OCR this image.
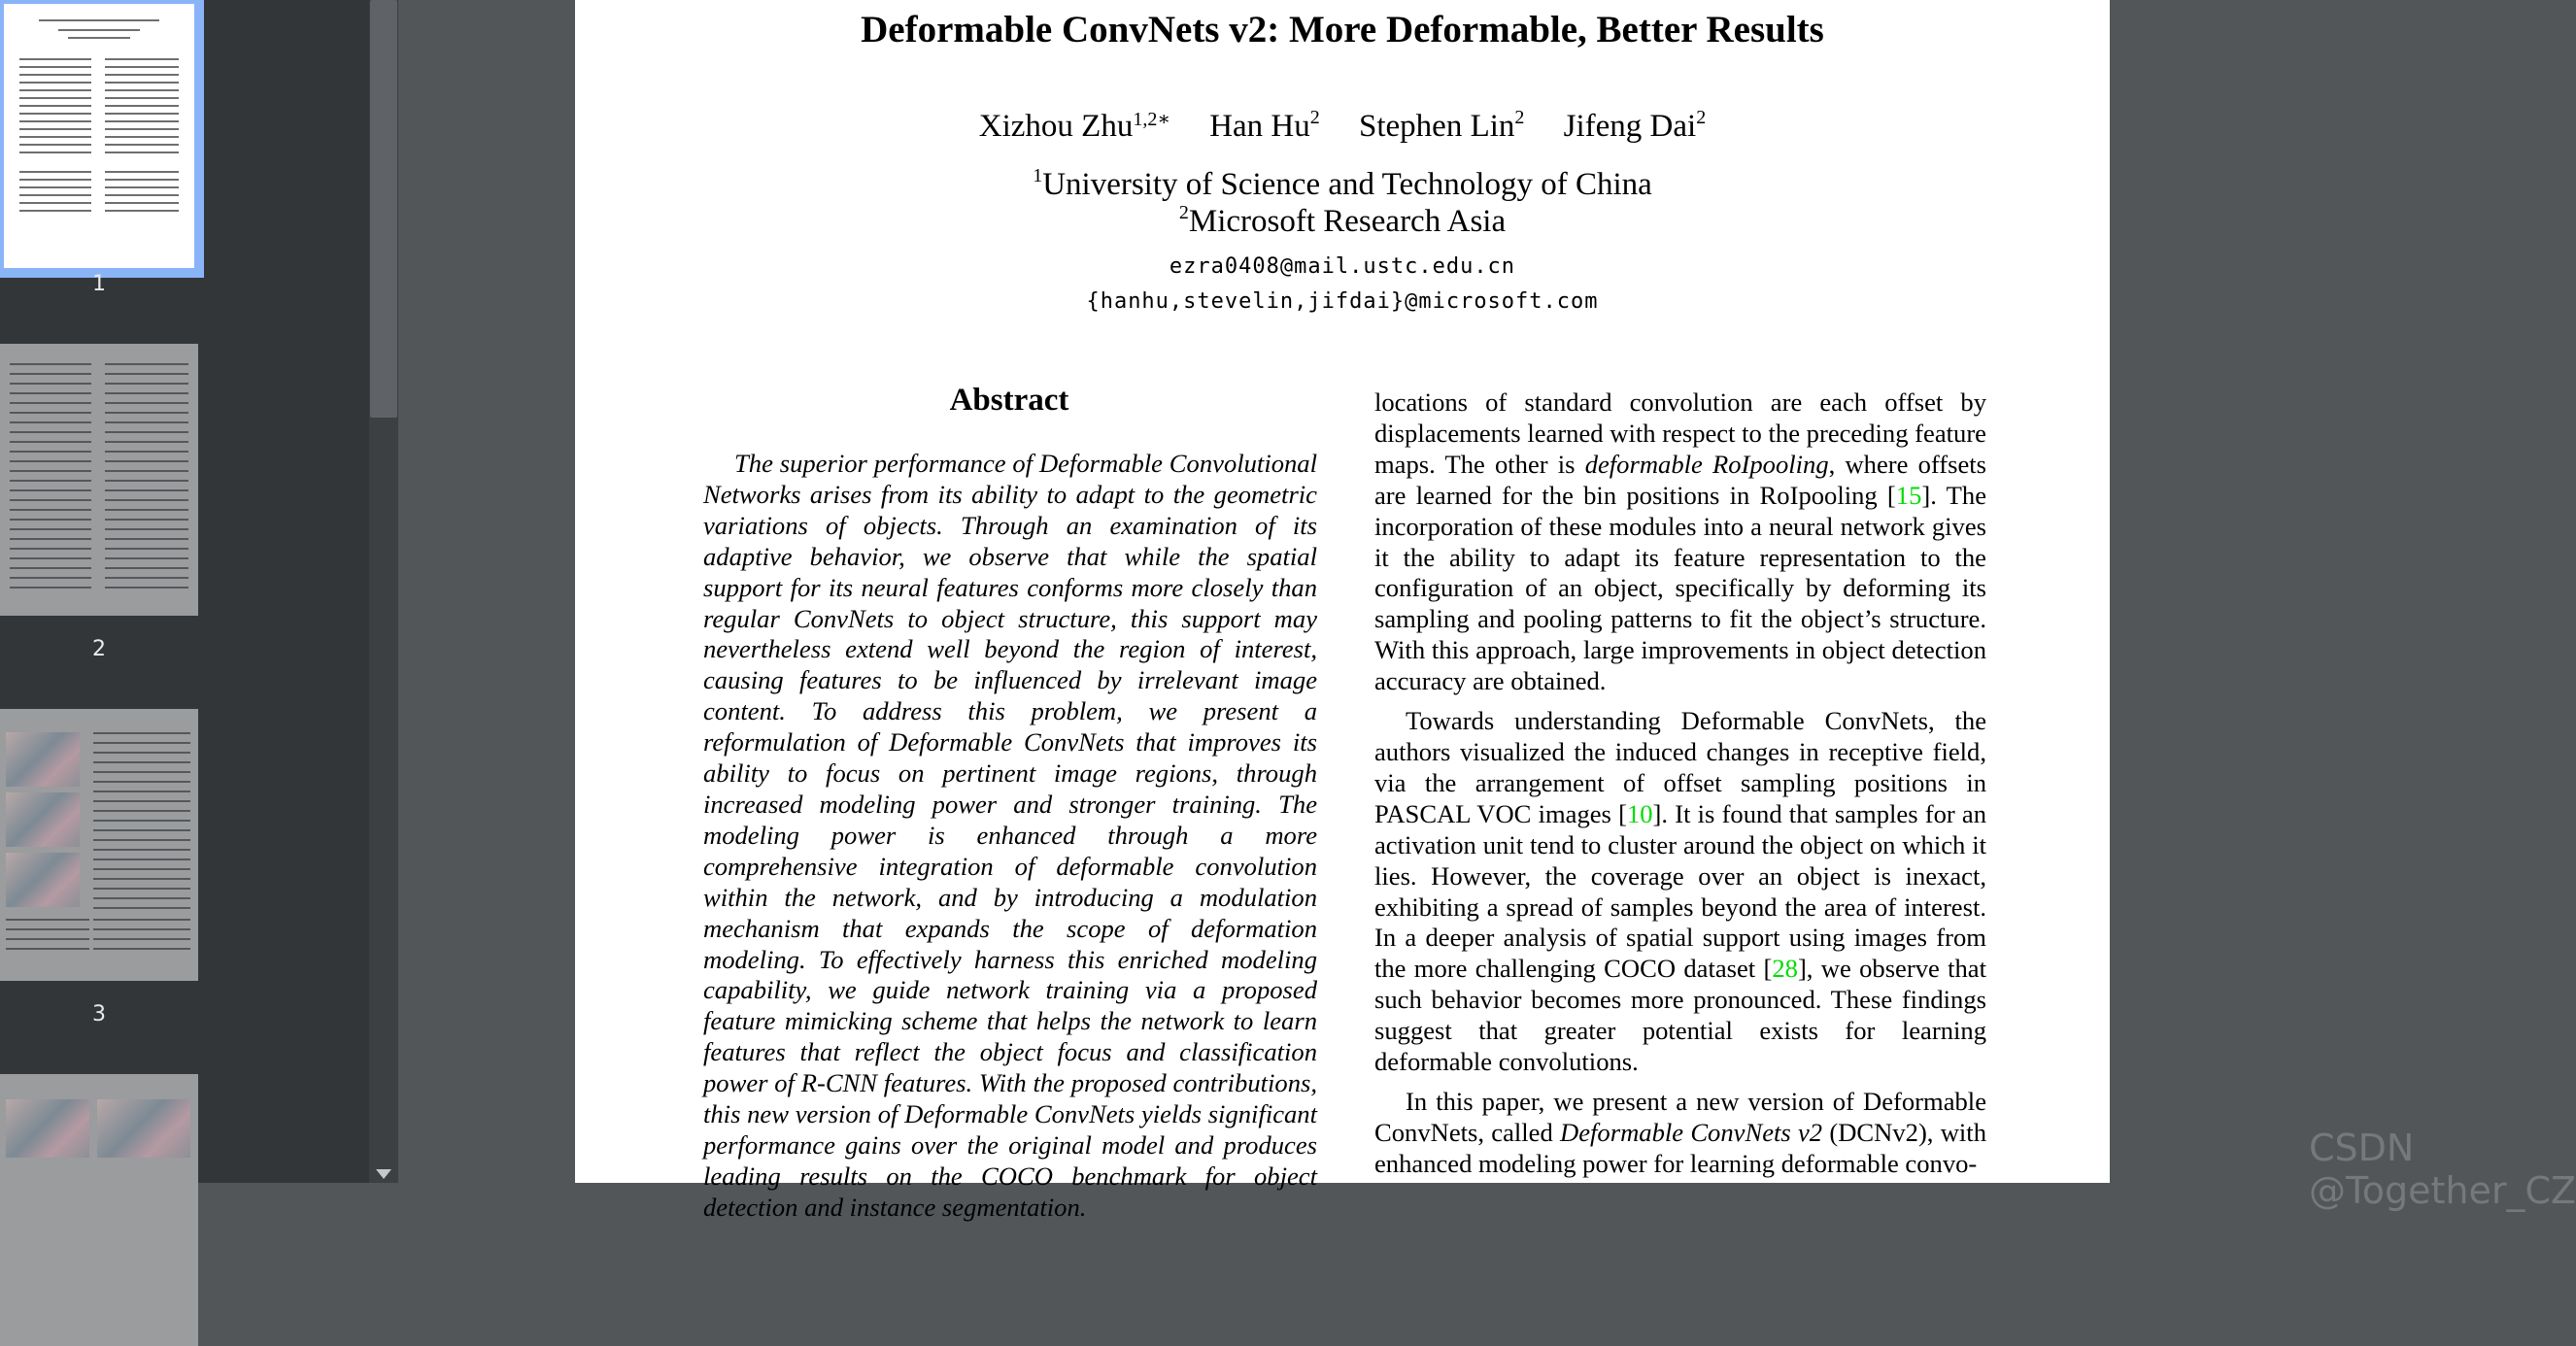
1
2
3
Deformable ConvNets v2: More Deformable, Better Results
Xizhou Zhu$^{1,2∗}$ Han Hu$^2$ Stephen Lin$^2$ Jifeng Dai$^2$
$^1$University of Science and Technology of China
$^2$Microsoft Research Asia
ezra0408@mail.ustc.edu.cn
{hanhu,stevelin,jifdai}@microsoft.com
Abstract
The superior performance of Deformable Convolutional Networks arises from its ability to adapt to the geometric variations of objects. Through an examination of its adaptive behavior, we observe that while the spatial support for its neural features conforms more closely than regular ConvNets to object structure, this support may nevertheless extend well beyond the region of interest, causing features to be influenced by irrelevant image content. To address this problem, we present a reformulation of Deformable ConvNets that improves its ability to focus on pertinent image regions, through increased modeling power and stronger training. The modeling power is enhanced through a more comprehensive integration of deformable convolution within the network, and by introducing a modulation mechanism that expands the scope of deformation modeling. To effectively harness this enriched modeling capability, we guide network training via a proposed feature mimicking scheme that helps the network to learn features that reflect the object focus and classification power of R-CNN features. With the proposed contributions, this new version of Deformable ConvNets yields significant performance gains over the original model and produces leading results on the COCO benchmark for object detection and instance segmentation.

locations of standard convolution are each offset by displacements learned with respect to the preceding feature maps. The other is deformable RoIpooling, where offsets are learned for the bin positions in RoIpooling [15]. The incorporation of these modules into a neural network gives it the ability to adapt its feature representation to the configuration of an object, specifically by deforming its sampling and pooling patterns to fit the object’s structure. With this approach, large improvements in object detection accuracy are obtained.

Towards understanding Deformable ConvNets, the authors visualized the induced changes in receptive field, via the arrangement of offset sampling positions in PASCAL VOC images [10]. It is found that samples for an activation unit tend to cluster around the object on which it lies. However, the coverage over an object is inexact, exhibiting a spread of samples beyond the area of interest. In a deeper analysis of spatial support using images from the more challenging COCO dataset [28], we observe that such behavior becomes more pronounced. These findings suggest that greater potential exists for learning deformable convolutions.

In this paper, we present a new version of Deformable ConvNets, called Deformable ConvNets v2 (DCNv2), with enhanced modeling power for learning deformable convo-	CSDN @Together_CZ
